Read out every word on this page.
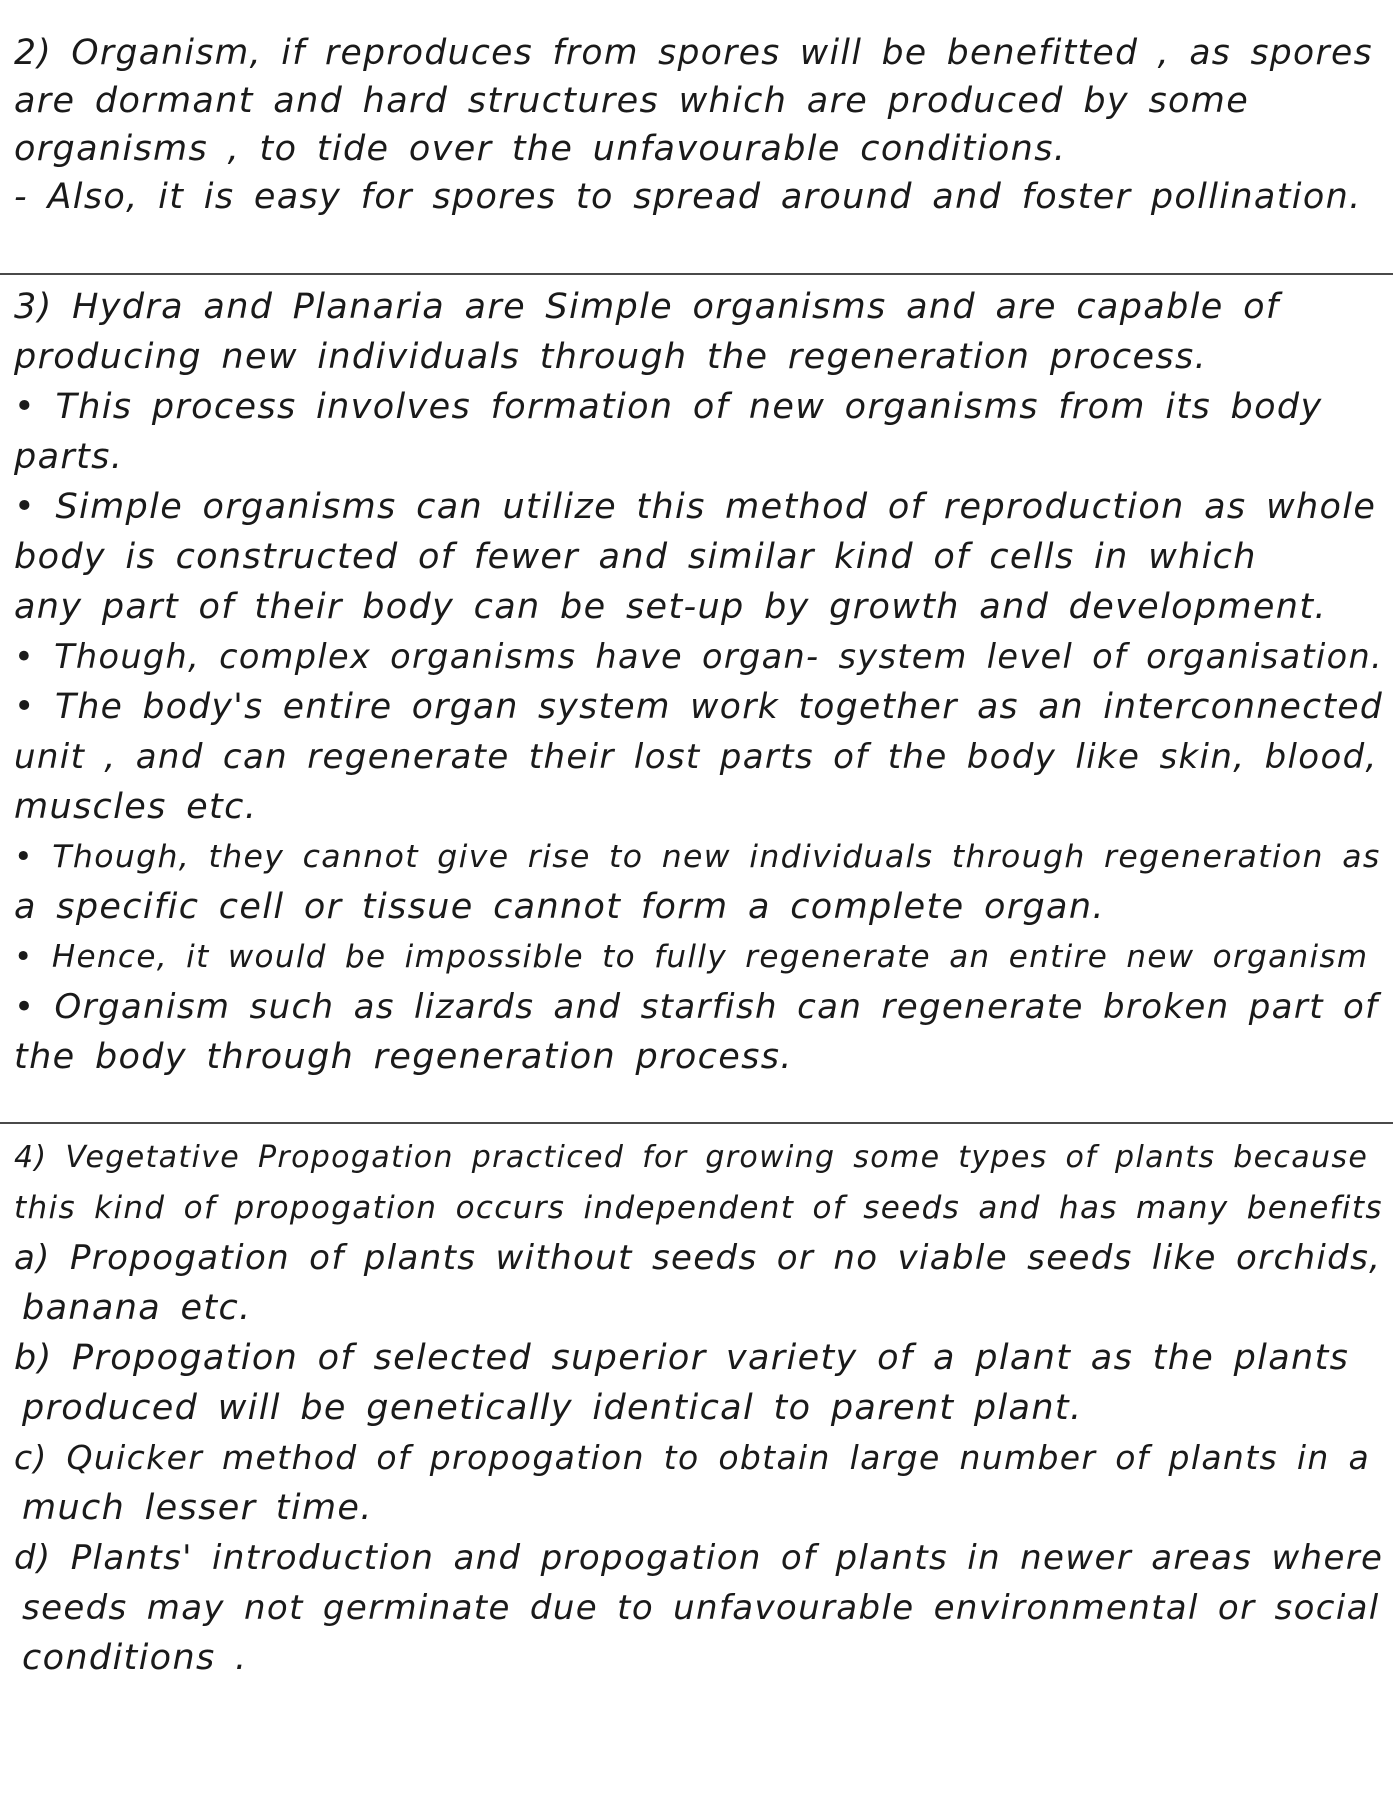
2) Organism, if reproduces from spores will be benefitted , as spores
are dormant and hard structures which are produced by some
organisms , to tide over the unfavourable conditions.
- Also, it is easy for spores to spread around and foster pollination.
3) Hydra and Planaria are Simple organisms and are capable of
producing new individuals through the regeneration process.
• This process involves formation of new organisms from its body
parts.
• Simple organisms can utilize this method of reproduction as whole
body is constructed of fewer and similar kind of cells in which
any part of their body can be set-up by growth and development.
• Though, complex organisms have organ- system level of organisation.
• The body's entire organ system work together as an interconnected
unit , and can regenerate their lost parts of the body like skin, blood,
muscles etc.
• Though, they cannot give rise to new individuals through regeneration as
a specific cell or tissue cannot form a complete organ.
• Hence, it would be impossible to fully regenerate an entire new organism
• Organism such as lizards and starfish can regenerate broken part of
the body through regeneration process.
4) Vegetative Propogation practiced for growing some types of plants because
this kind of propogation occurs independent of seeds and has many benefits
a) Propogation of plants without seeds or no viable seeds like orchids,
banana etc.
b) Propogation of selected superior variety of a plant as the plants
produced will be genetically identical to parent plant.
c) Quicker method of propogation to obtain large number of plants in a
much lesser time.
d) Plants' introduction and propogation of plants in newer areas where
seeds may not germinate due to unfavourable environmental or social
conditions .
